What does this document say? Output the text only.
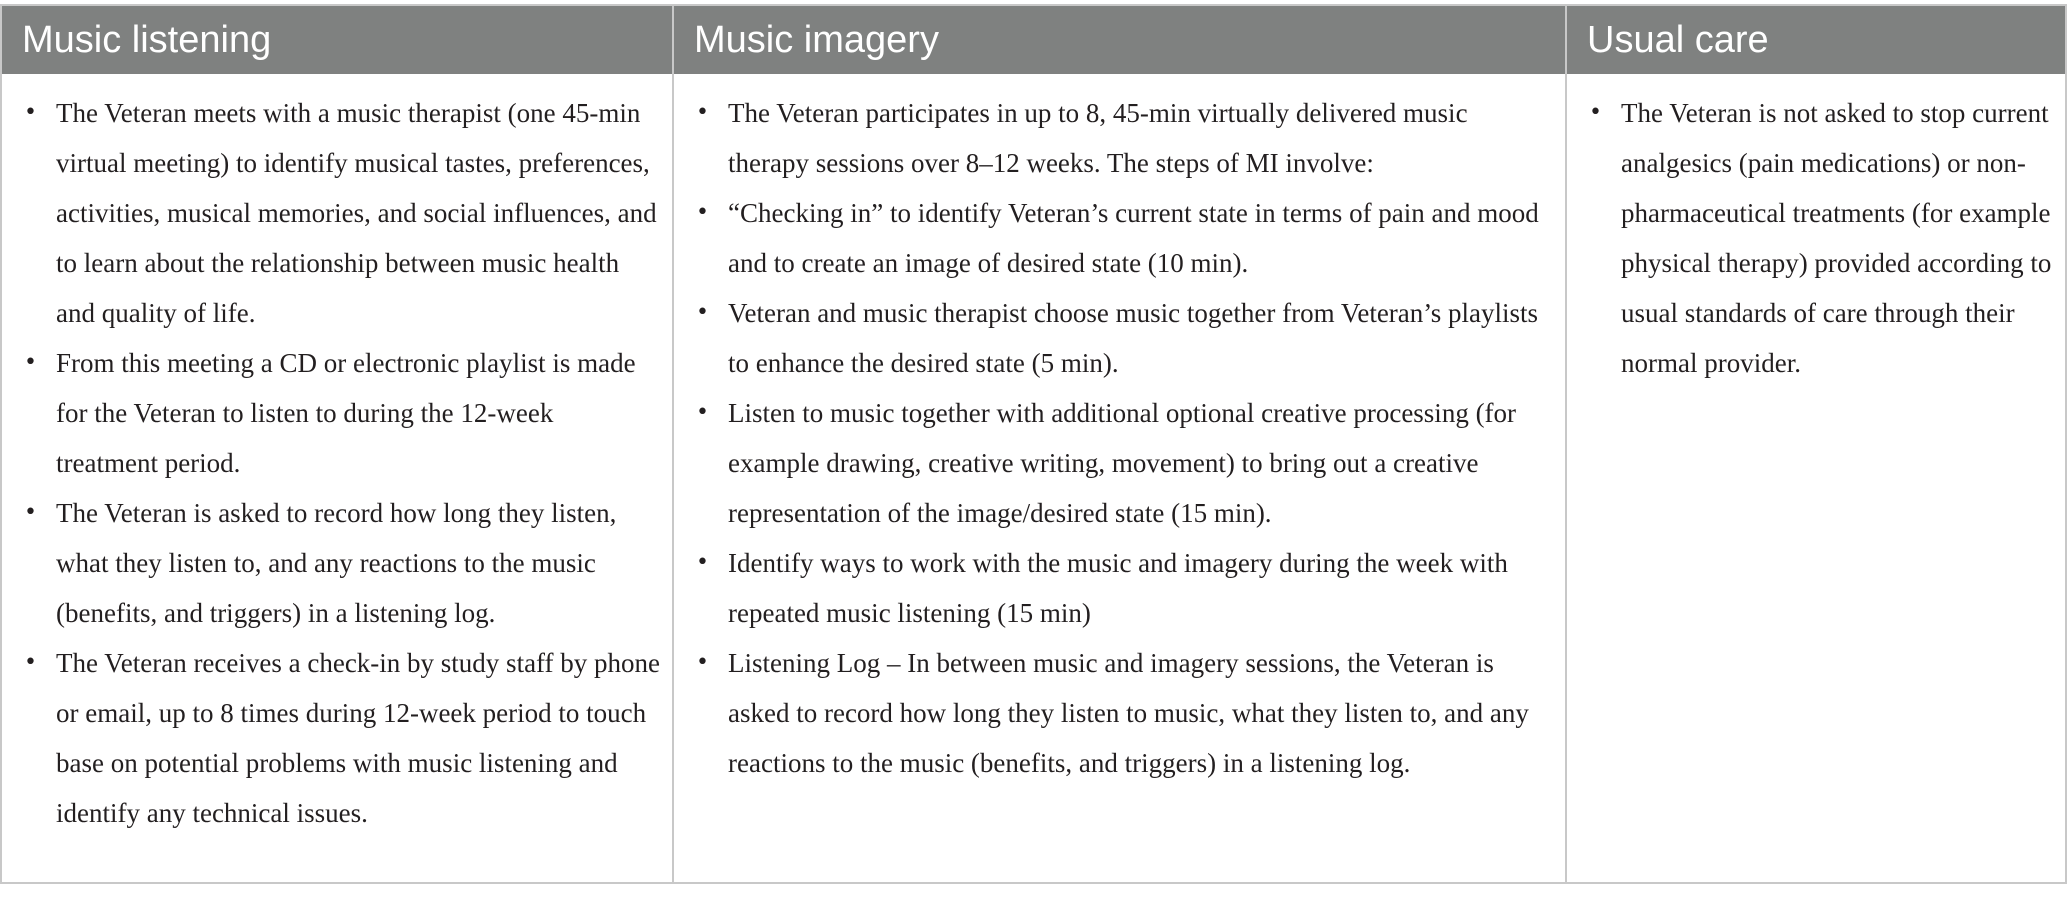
Music listening	Music imagery	Usual care
• The Veteran meets with a music therapist (one 45-min virtual meeting) to identify musical tastes, preferences, activities, musical memories, and social influences, and to learn about the relationship between music health and quality of life.
• From this meeting a CD or electronic playlist is made for the Veteran to listen to during the 12-week treatment period.
• The Veteran is asked to record how long they listen, what they listen to, and any reactions to the music (benefits, and triggers) in a listening log.
• The Veteran receives a check-in by study staff by phone or email, up to 8 times during 12-week period to touch base on potential problems with music listening and identify any technical issues.
• The Veteran participates in up to 8, 45-min virtually delivered music therapy sessions over 8–12 weeks. The steps of MI involve:
• “Checking in” to identify Veteran’s current state in terms of pain and mood and to create an image of desired state (10 min).
• Veteran and music therapist choose music together from Veteran’s playlists to enhance the desired state (5 min).
• Listen to music together with additional optional creative processing (for example drawing, creative writing, movement) to bring out a creative representation of the image/desired state (15 min).
• Identify ways to work with the music and imagery during the week with repeated music listening (15 min)
• Listening Log – In between music and imagery sessions, the Veteran is asked to record how long they listen to music, what they listen to, and any reactions to the music (benefits, and triggers) in a listening log.
• The Veteran is not asked to stop current analgesics (pain medications) or non-pharmaceutical treatments (for example physical therapy) provided according to usual standards of care through their normal provider.
